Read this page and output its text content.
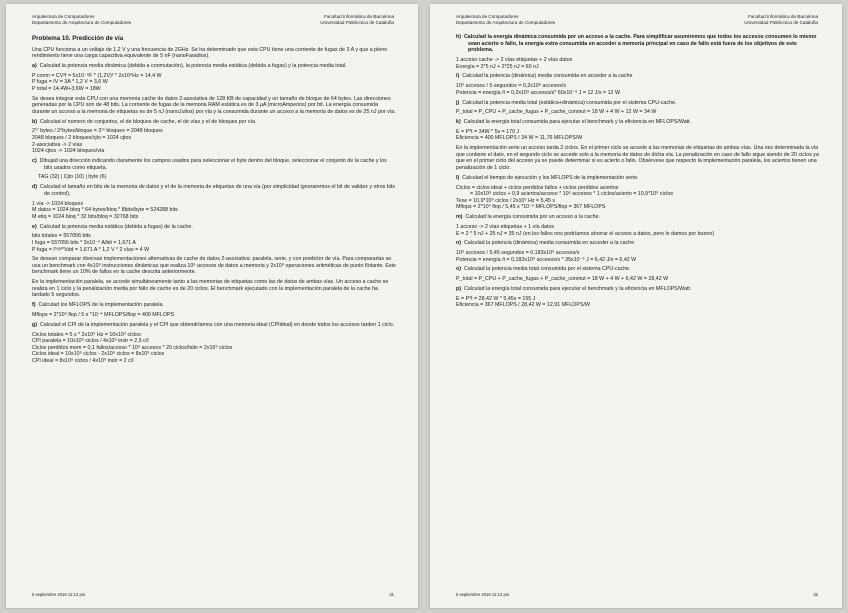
Arquitectura de Computadores
Departamento de Arquitectura de Computadores
Facultad Informática de Barcelona
Universidad Politécnica de Cataluña
Problema 10. Predicción de vía

Una CPU funciona a un voltaje de 1,2 V y una frecuencia de 2GHz. Se ha determinado que esta CPU tiene una corriente de fugas de 3 A y que a pleno rendimiento tiene una carga capacitiva equivalente de 5 nF (nanoFaradios).

a) Calculad la potencia media dinámica (debida a conmutación), la potencia media estática (debida a fugas) y la potencia media total.

P conm = CV²f = 5x10⁻⁹F * (1,2V)² * 2x10⁹Hz = 14,4 W
P fuga = IV = 3A * 1,2 V = 3,6 W
P total = 14,4W+3,6W = 18W

Se desea integrar esta CPU con una memoria cache de datos 2-asociativa de 128 KB de capacidad y un tamaño de bloque de 64 bytes. Las direcciones generadas por la CPU son de 48 bits. La corriente de fugas de la memoria RAM estática es de 3 µA (microAmperios) por bit. La energía consumida durante un acceso a la memoria de etiquetas es de 5 nJ (nanoJulios) por vía y la consumida durante un acceso a la memoria de datos es de 25 nJ por vía.

b) Calculad el numero de conjuntos, el de bloques de cache, el de vías y el de bloques por vía.

2¹⁷ bytes / 2⁶bytes/bloque = 2¹¹ bloques = 2048 bloques
2048 bloques / 2 bloques/cjto = 1024 cjtos
2-asociativa -> 2 vías
1024 cjtos -> 1024 bloques/vía

c) Dibujad una dirección indicando claramente los campos usados para seleccionar el byte dentro del bloque, seleccionar el conjunto de la cache y los bits usados como etiqueta.

TAG (32) | Cjto (10) | byte (6)

d) Calculad el tamaño en bits de la memoria de datos y el de la memoria de etiquetas de una vía (por simplicidad ignoraremos el bit de validez y otros bits de control).

1 vía -> 1024 bloques
M datos = 1024 bloq * 64 bytes/bloq * 8bits/byte = 524288 bits
M etiq = 1024 bloq * 32 bits/bloq = 32768 bits

e) Calculad la potencia media estática (debida a fugas) de la cache.

bits totales = 557056 bits
I fuga = 557056 bits * 3x10⁻⁶ A/bit = 1,671 A
P fuga = Iᶠᵘᵍᵃ*Vdd = 1,671 A * 1,2 V * 2 vías = 4 W

Se desean comparar diversas implementaciones alternativas de cache de datos 2-asociativa: paralela, serie, y con predictor de vía. Para compararlas se usa un benchmark con 4x10⁹ instrucciones dinámicas que realiza 10⁹ accesos de datos a memoria y 2x10⁹ operaciones aritméticas de punto flotante. Este benchmark tiene un 10% de fallos en la cache descrita anteriormente.

En la implementación paralela, se accede simultáneamente tanto a las memorias de etiquetas como las de datos de ambas vías. Un acceso a cache se realiza en 1 ciclo y la penalización media por fallo de cache es de 20 ciclos. El benchmark ejecutado con la implementación paralela de la cache ha tardado 5 segundos.

f) Calculad los MFLOPS de la implementación paralela.

Mflops = 2*10⁹ flop / 5 s *10⁻⁶ MFLOPS/flop = 400 MFLOPS

g) Calculad el CPI de la implementación paralela y el CPI que obtendríamos con una memoria ideal (CPIideal) en donde todos los accesos tarden 1 ciclo.

Ciclos totales = 5 s * 2x10⁹ Hz = 10x10⁹ ciclos
CPI paralela = 10x10⁹ ciclos / 4x10⁹ instr = 2,5 c/I
Ciclos perdidos mem = 0,1 fallos/acceso * 10⁹ accesos * 20 ciclos/fallo = 2x10⁹ ciclos
Ciclos ideal = 10x10⁹ ciclos - 2x10⁹ ciclos = 8x10⁹ ciclos
CPI ideal = 8x10⁹ ciclos / 4x10⁹ instr = 2 c/I
5 septiembre 2016 12:12 pm	31
Arquitectura de Computadores
Departamento de Arquitectura de Computadores
Facultad Informática de Barcelona
Universidad Politécnica de Cataluña

h) Calculad la energía dinámica consumida por un acceso a la cache. Para simplificar asumiremos que todos los accesos consumen lo mismo sean acierto o fallo, la energía extra consumida en acceder a memoria principal en caso de fallo está fuera de los objetivos de este problema.

1 acceso cache -> 2 vías etiquetas + 2 vías datos
Energía = 2*5 nJ + 2*25 nJ = 60 nJ

i) Calculad la potencia (dinámica) media consumida en acceder a la cache

10⁹ accesos / 5 segundos = 0,2x10⁹ accesos/s
Potencia = energía /t = 0,2x10⁹ accesos/s* 60x10⁻⁹ J = 12 J/s = 12 W

j) Calculad la potencia media total (estática+dinámica) consumida por el sistema CPU-cache.

P_total = P_CPU + P_cache_fugas + P_cache_conmut = 18 W + 4 W + 12 W = 34 W

k) Calculad la energía total consumida para ejecutar el benchmark y la eficiencia en MFLOPS/Watt.

E = P*t = 34W * 5s = 170 J
Eficiencia = 400 MFLOPS / 34 W = 11,76 MFLOPS/W

En la implementación serie un acceso tarda 2 ciclos. En el primer ciclo se accede a las memorias de etiquetas de ambas vías. Una vez determinada la vía que contiene el dato, en el segundo ciclo se accede solo a la memoria de datos de dicha vía. La penalización en caso de fallo sigue siendo de 20 ciclos ya que en el primer ciclo del acceso ya se puede determinar si es acierto o fallo. Obsérvese que respecto la implementación paralela, los aciertos tienen una penalización de 1 ciclo.

l) Calculad el tiempo de ejecución y los MFLOPS de la implementación serie.

Ciclos = ciclos ideal + ciclos perdidos fallos + ciclos perdidos aciertos
= 10x10⁹ ciclos + 0,9 aciertos/acceso * 10⁹ accesos * 1 ciclos/acierto = 10,9*10⁹ ciclos
Texe = 10,9*10⁹ ciclos / 2x10⁹ Hz = 5,45 s
Mflops = 2*10⁹ flop / 5,45 s *10⁻⁶ MFLOPS/flop = 367 MFLOPS

m) Calculad la energía consumida por un acceso a la cache.

1 acceso -> 2 vías etiquetas + 1 vía datos
E = 2 * 5 nJ + 25 nJ = 35 nJ (en los fallos nos podríamos ahorrar el acceso a datos, pero lo damos por bueno)

n) Calculad la potencia (dinámica) media consumida en acceder a la cache

10⁹ accesos / 5,45 segundos = 0,183x10⁹ accesos/s
Potencia = energía /t = 0,183x10⁹ accesos/s * 35x10⁻⁹ J = 6,42 J/s = 6,42 W

o) Calculad la potencia media total consumida por el sistema CPU-cache.

P_total = P_CPU + P_cache_fugas + P_cache_conmut = 18 W + 4 W + 6,42 W = 28,42 W

p) Calculad la energía total consumida para ejecutar el benchmark y la eficiencia en MFLOPS/Watt.

E = P*t = 28,42 W * 5,45s = 155 J
Eficiencia = 367 MFLOPS / 28,42 W = 12,91 MFLOPS/W
5 septiembre 2016 12:12 pm	32
